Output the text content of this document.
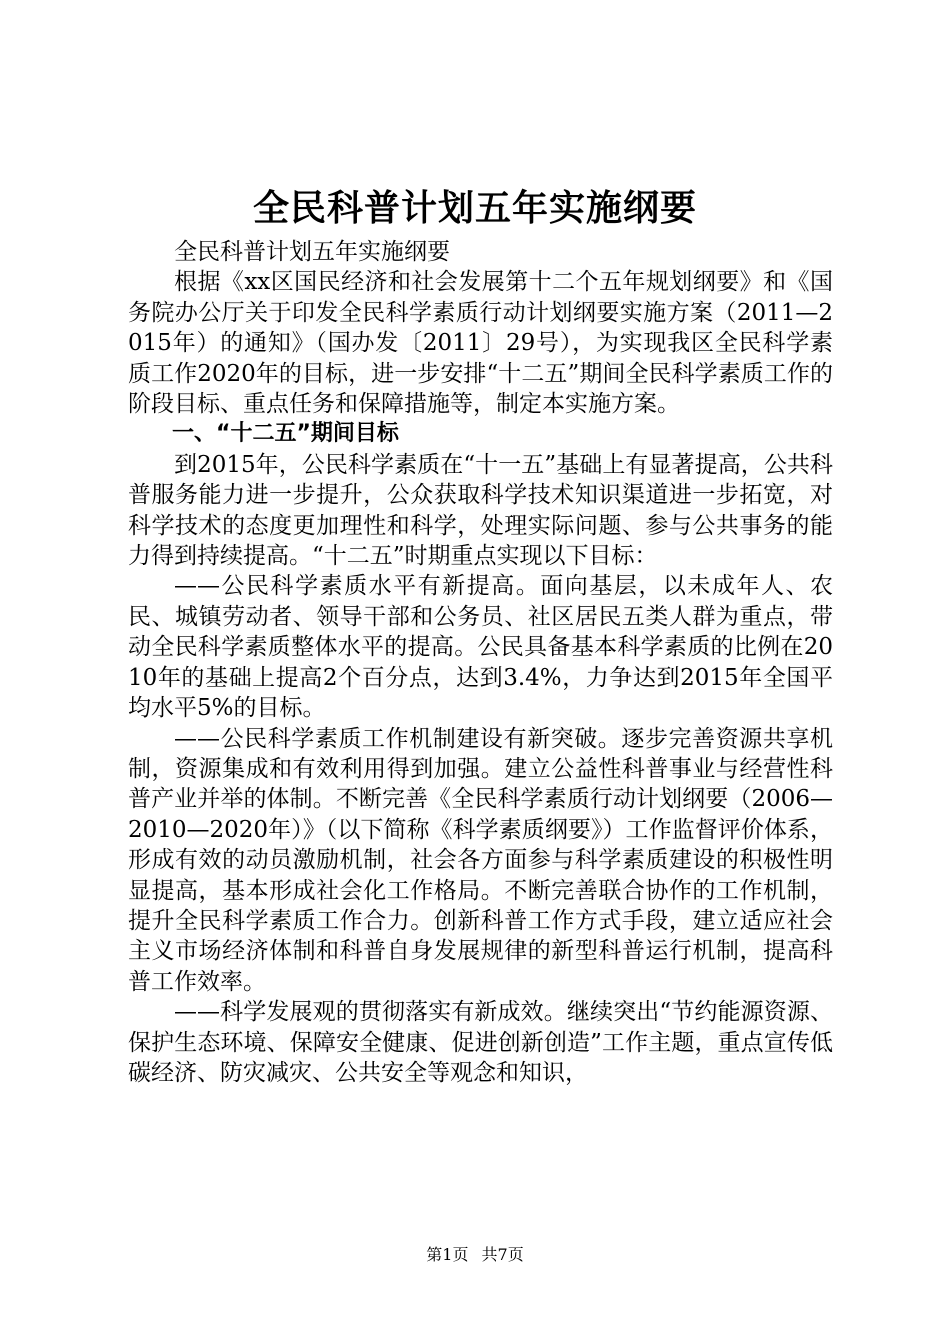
全民科普计划五年实施纲要

全民科普计划五年实施纲要

根据《xx区国民经济和社会发展第十二个五年规划纲要》和《国务院办公厅关于印发全民科学素质行动计划纲要实施方案（2011—2015年）的通知》（国办发〔2011〕29号），为实现我区全民科学素质工作2020年的目标，进一步安排“十二五”期间全民科学素质工作的阶段目标、重点任务和保障措施等，制定本实施方案。

一、“十二五”期间目标

到2015年，公民科学素质在“十一五”基础上有显著提高，公共科普服务能力进一步提升，公众获取科学技术知识渠道进一步拓宽，对科学技术的态度更加理性和科学，处理实际问题、参与公共事务的能力得到持续提高。“十二五”时期重点实现以下目标：

——公民科学素质水平有新提高。面向基层，以未成年人、农民、城镇劳动者、领导干部和公务员、社区居民五类人群为重点，带动全民科学素质整体水平的提高。公民具备基本科学素质的比例在2010年的基础上提高2个百分点，达到3.4%，力争达到2015年全国平均水平5%的目标。

——公民科学素质工作机制建设有新突破。逐步完善资源共享机制，资源集成和有效利用得到加强。建立公益性科普事业与经营性科普产业并举的体制。不断完善《全民科学素质行动计划纲要（2006—2010—2020年）》（以下简称《科学素质纲要》）工作监督评价体系，形成有效的动员激励机制，社会各方面参与科学素质建设的积极性明显提高，基本形成社会化工作格局。不断完善联合协作的工作机制，提升全民科学素质工作合力。创新科普工作方式手段，建立适应社会主义市场经济体制和科普自身发展规律的新型科普运行机制，提高科普工作效率。

——科学发展观的贯彻落实有新成效。继续突出“节约能源资源、保护生态环境、保障安全健康、促进创新创造”工作主题，重点宣传低碳经济、防灾减灾、公共安全等观念和知识，

第1页 共7页
